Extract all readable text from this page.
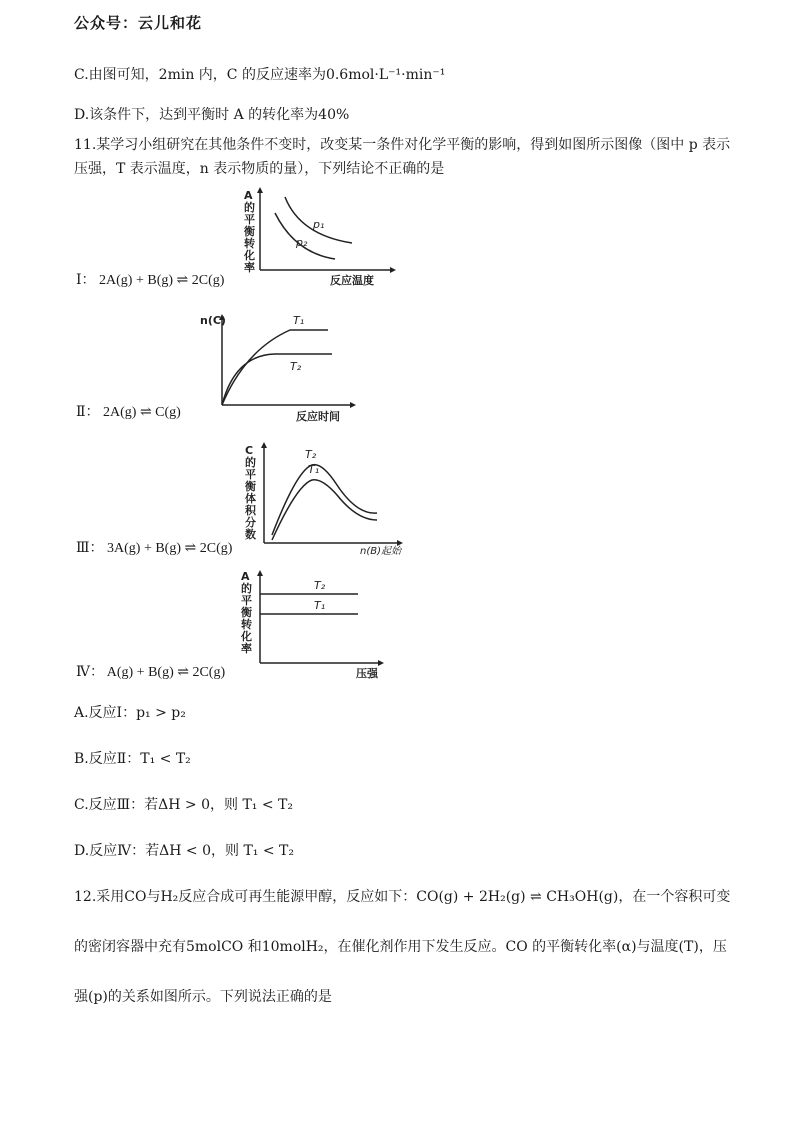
公众号：云儿和花
C.由图可知，2min 内，C 的反应速率为0.6mol·L⁻¹·min⁻¹
D.该条件下，达到平衡时 A 的转化率为40%
11.某学习小组研究在其他条件不变时，改变某一条件对化学平衡的影响，得到如图所示图像（图中 p 表示
压强，T 表示温度，n 表示物质的量），下列结论不正确的是
A 的平衡转化率
p₁
p₂
反应温度
Ⅰ： 2A(g) + B(g) ⇌ 2C(g)
n(C)	T₁
T₂
反应时间
Ⅱ： 2A(g) ⇌ C(g)
C 的平衡体积分数
T₂
T₁
n(B)起始
Ⅲ： 3A(g) + B(g) ⇌ 2C(g)
A 的平衡转化率
T₂
T₁
压强
Ⅳ： A(g) + B(g) ⇌ 2C(g)
A.反应Ⅰ：p₁ > p₂
B.反应Ⅱ：T₁ < T₂
C.反应Ⅲ：若ΔH > 0，则 T₁ < T₂
D.反应Ⅳ：若ΔH < 0，则 T₁ < T₂
12.采用CO与H₂反应合成可再生能源甲醇，反应如下：CO(g) + 2H₂(g) ⇌ CH₃OH(g)，在一个容积可变
的密闭容器中充有5molCO 和10molH₂，在催化剂作用下发生反应。CO 的平衡转化率(α)与温度(T)，压
强(p)的关系如图所示。下列说法正确的是
